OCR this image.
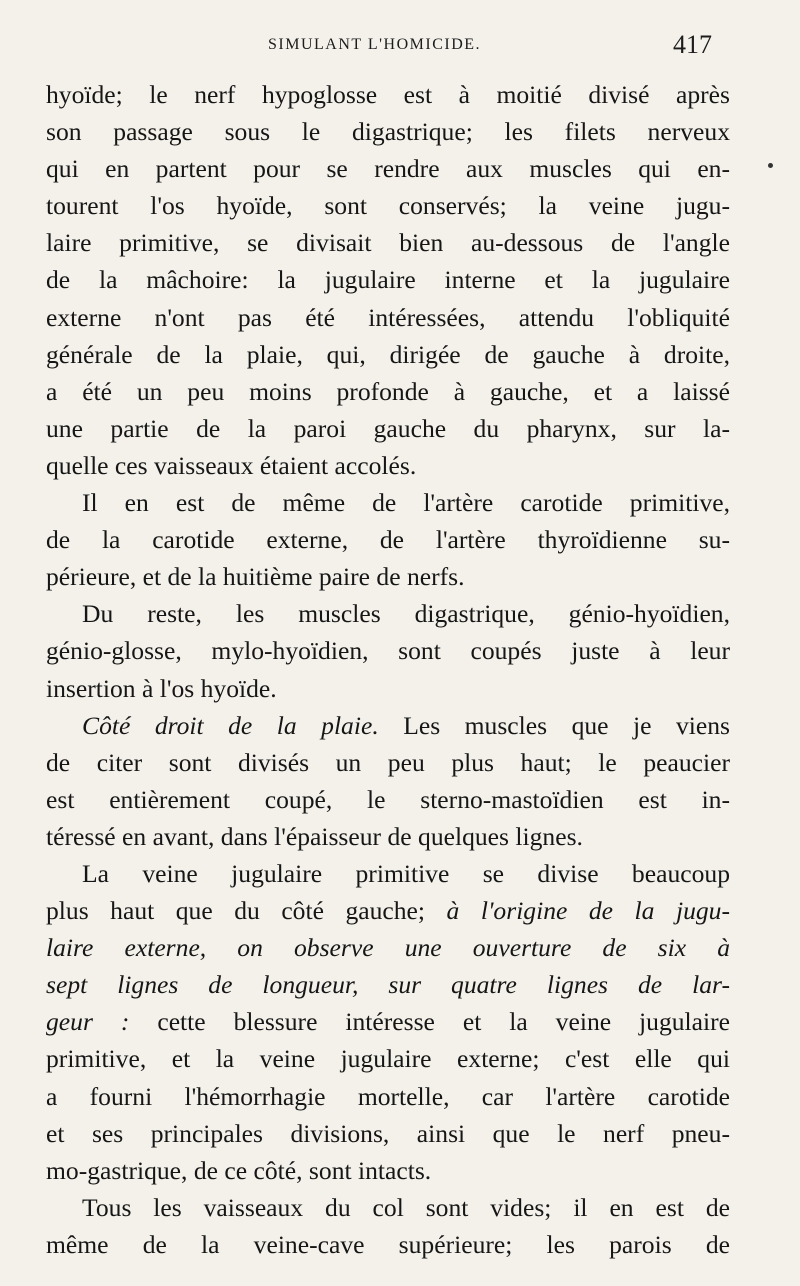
SIMULANT L'HOMICIDE.	417
hyoïde; le nerf hypoglosse est à moitié divisé après
son passage sous le digastrique; les filets nerveux
qui en partent pour se rendre aux muscles qui en-
tourent l'os hyoïde, sont conservés; la veine jugu-
laire primitive, se divisait bien au-dessous de l'angle
de la mâchoire: la jugulaire interne et la jugulaire
externe n'ont pas été intéressées, attendu l'obliquité
générale de la plaie, qui, dirigée de gauche à droite,
a été un peu moins profonde à gauche, et a laissé
une partie de la paroi gauche du pharynx, sur la-
quelle ces vaisseaux étaient accolés.
Il en est de même de l'artère carotide primitive,
de la carotide externe, de l'artère thyroïdienne su-
périeure, et de la huitième paire de nerfs.
Du reste, les muscles digastrique, génio-hyoïdien,
génio-glosse, mylo-hyoïdien, sont coupés juste à leur
insertion à l'os hyoïde.
Côté droit de la plaie. Les muscles que je viens
de citer sont divisés un peu plus haut; le peaucier
est entièrement coupé, le sterno-mastoïdien est in-
téressé en avant, dans l'épaisseur de quelques lignes.
La veine jugulaire primitive se divise beaucoup
plus haut que du côté gauche; à l'origine de la jugu-
laire externe, on observe une ouverture de six à
sept lignes de longueur, sur quatre lignes de lar-
geur : cette blessure intéresse et la veine jugulaire
primitive, et la veine jugulaire externe; c'est elle qui
a fourni l'hémorrhagie mortelle, car l'artère carotide
et ses principales divisions, ainsi que le nerf pneu-
mo-gastrique, de ce côté, sont intacts.
Tous les vaisseaux du col sont vides; il en est de
même de la veine-cave supérieure; les parois de
